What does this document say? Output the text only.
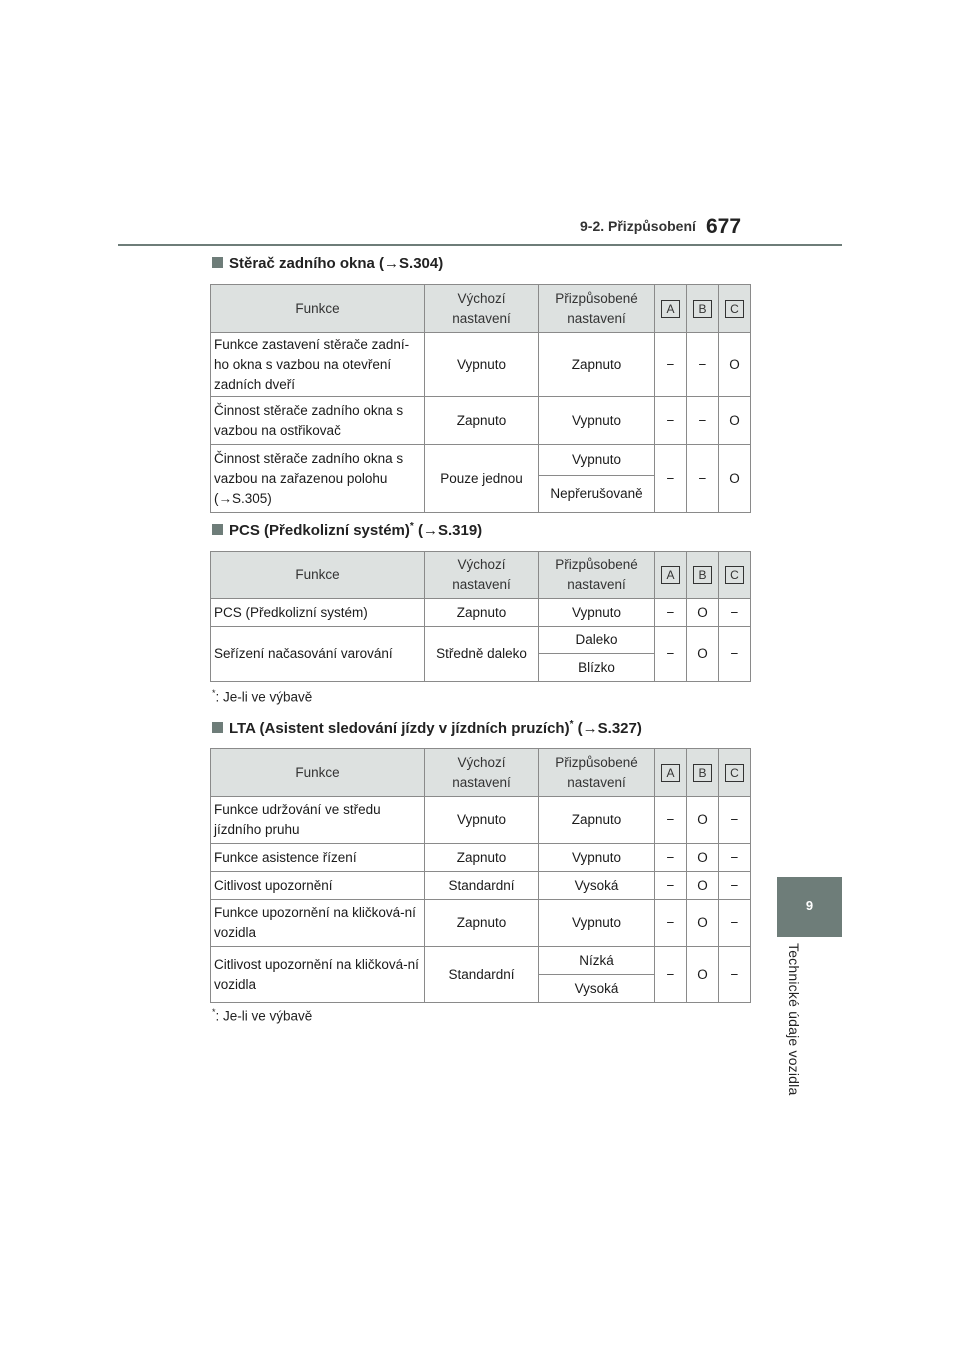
9-2. Přizpůsobení 677
9
Technické údaje vozidla
Stěrač zadního okna (→S.304)
Funkce	Výchozí nastavení	Přizpůsobené nastavení	A	B	C
Funkce zastavení stěrače zadní-ho okna s vazbou na otevření zadních dveří	Vypnuto	Zapnuto	−	−	O
Činnost stěrače zadního okna s vazbou na ostřikovač	Zapnuto	Vypnuto	−	−	O
Činnost stěrače zadního okna s vazbou na zařazenou polohu (→S.305)	Pouze jednou	Vypnuto	−	−	O
		Nepřerušovaně			
PCS (Předkolizní systém)* (→S.319)
Funkce	Výchozí nastavení	Přizpůsobené nastavení	A	B	C
PCS (Předkolizní systém)	Zapnuto	Vypnuto	−	O	−
Seřízení načasování varování	Středně daleko	Daleko	−	O	−
		Blízko			
*: Je-li ve výbavě
LTA (Asistent sledování jízdy v jízdních pruzích)* (→S.327)
Funkce	Výchozí nastavení	Přizpůsobené nastavení	A	B	C
Funkce udržování ve středu jízdního pruhu	Vypnuto	Zapnuto	−	O	−
Funkce asistence řízení	Zapnuto	Vypnuto	−	O	−
Citlivost upozornění	Standardní	Vysoká	−	O	−
Funkce upozornění na kličková-ní vozidla	Zapnuto	Vypnuto	−	O	−
Citlivost upozornění na kličková-ní vozidla	Standardní	Nízká	−	O	−
		Vysoká			
*: Je-li ve výbavě
